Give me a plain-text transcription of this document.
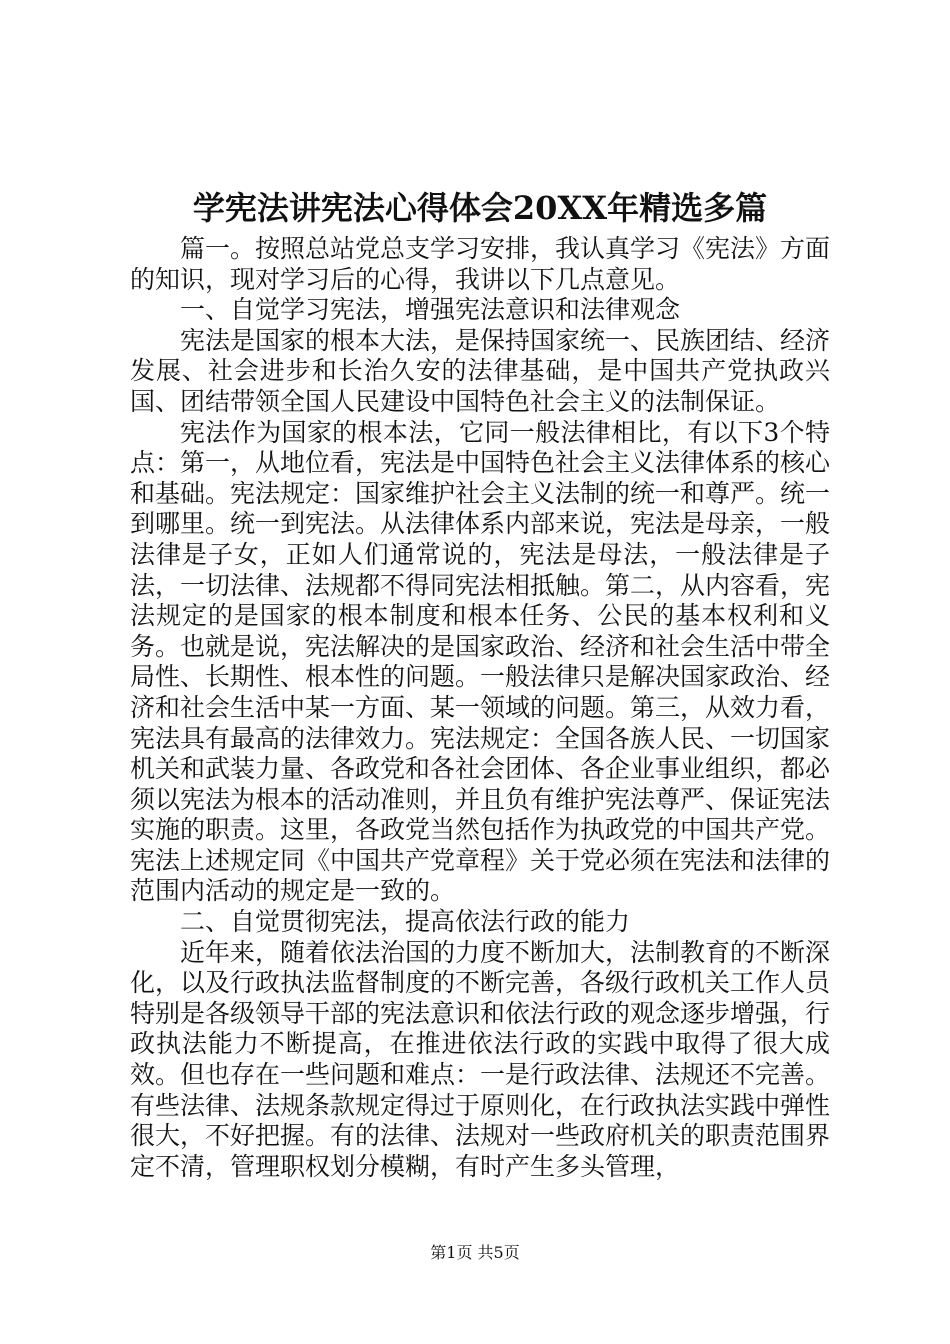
学宪法讲宪法心得体会20XX年精选多篇

篇一。按照总站党总支学习安排，我认真学习《宪法》方面的知识，现对学习后的心得，我讲以下几点意见。

一、自觉学习宪法，增强宪法意识和法律观念

宪法是国家的根本大法，是保持国家统一、民族团结、经济发展、社会进步和长治久安的法律基础，是中国共产党执政兴国、团结带领全国人民建设中国特色社会主义的法制保证。

宪法作为国家的根本法，它同一般法律相比，有以下3个特点：第一，从地位看，宪法是中国特色社会主义法律体系的核心和基础。宪法规定：国家维护社会主义法制的统一和尊严。统一到哪里。统一到宪法。从法律体系内部来说，宪法是母亲，一般法律是子女，正如人们通常说的，宪法是母法，一般法律是子法，一切法律、法规都不得同宪法相抵触。第二，从内容看，宪法规定的是国家的根本制度和根本任务、公民的基本权利和义务。也就是说，宪法解决的是国家政治、经济和社会生活中带全局性、长期性、根本性的问题。一般法律只是解决国家政治、经济和社会生活中某一方面、某一领域的问题。第三，从效力看，宪法具有最高的法律效力。宪法规定：全国各族人民、一切国家机关和武装力量、各政党和各社会团体、各企业事业组织，都必须以宪法为根本的活动准则，并且负有维护宪法尊严、保证宪法实施的职责。这里，各政党当然包括作为执政党的中国共产党。宪法上述规定同《中国共产党章程》关于党必须在宪法和法律的范围内活动的规定是一致的。

二、自觉贯彻宪法，提高依法行政的能力

近年来，随着依法治国的力度不断加大，法制教育的不断深化，以及行政执法监督制度的不断完善，各级行政机关工作人员特别是各级领导干部的宪法意识和依法行政的观念逐步增强，行政执法能力不断提高，在推进依法行政的实践中取得了很大成效。但也存在一些问题和难点：一是行政法律、法规还不完善。有些法律、法规条款规定得过于原则化，在行政执法实践中弹性很大，不好把握。有的法律、法规对一些政府机关的职责范围界定不清，管理职权划分模糊，有时产生多头管理，

第1页 共5页
